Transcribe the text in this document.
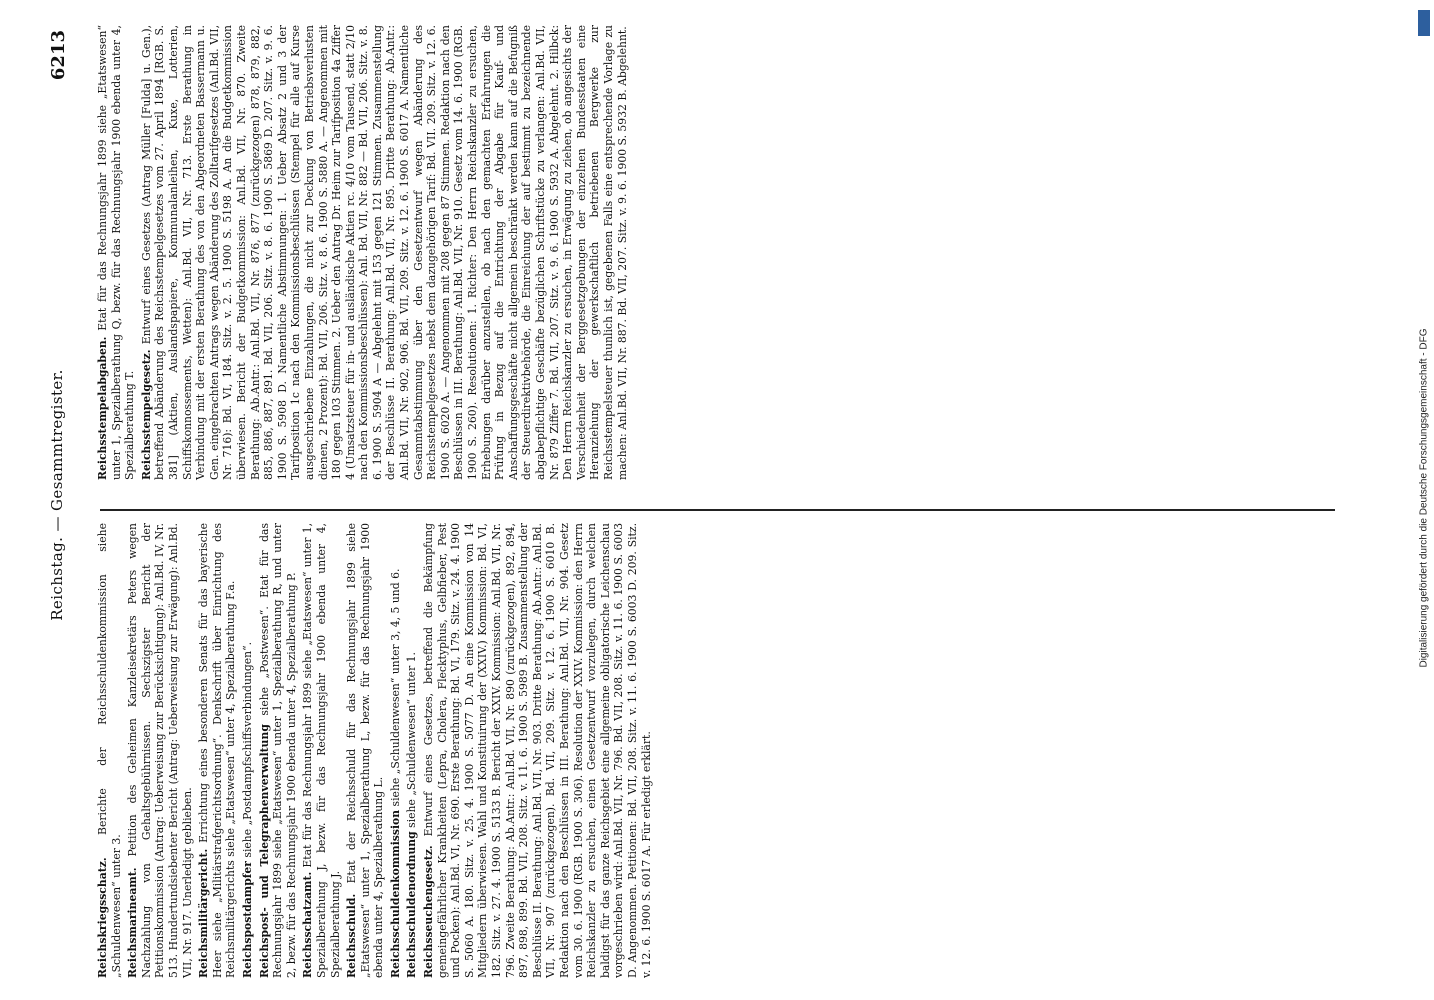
Reichstag. — Gesammtregister.
6213

Reichskriegsschatz. Berichte der Reichsschuldenkommission siehe „Schuldenwesen“ unter 3. Reichsmarineamt. Petition des Geheimen Kanzleisekretärs Peters wegen Nachzahlung von Gehaltsgebührnissen. Sechszigster Bericht der Petitionskommission (Antrag: Ueberweisung zur Berücksichtigung): Anl.Bd. IV, Nr. 513. Hundertundsiebenter Bericht (Antrag: Ueberweisung zur Erwägung): Anl.Bd. VII, Nr. 917. Unerledigt geblieben. Reichsmilitärgericht. Errichtung eines besonderen Senats für das bayerische Heer siehe „Militärstrafgerichtsordnung“. Denkschrift über Einrichtung des Reichsmilitärgerichts siehe „Etatswesen“ unter 4, Spezialberathung F.a. Reichspostdampfer siehe „Postdampfschiffsverbindungen“. Reichspost- und Telegraphenverwaltung siehe „Postwesen“. Etat für das Rechnungsjahr 1899 siehe „Etatswesen“ unter 1, Spezialberathung R, und unter 2, bezw. für das Rechnungsjahr 1900 ebenda unter 4, Spezialberathung P. Reichsschatzamt. Etat für das Rechnungsjahr 1899 siehe „Etatswesen“ unter 1, Spezialberathung J, bezw. für das Rechnungsjahr 1900 ebenda unter 4, Spezialberathung J. Reichsschuld. Etat der Reichsschuld für das Rechnungsjahr 1899 siehe „Etatswesen“ unter 1, Spezialberathung L, bezw. für das Rechnungsjahr 1900 ebenda unter 4, Spezialberathung L. Reichsschuldenkommission siehe „Schuldenwesen“ unter 3, 4, 5 und 6.

Reichsschuldenordnung siehe „Schuldenwesen“ unter 1.

Reichsseuchengesetz. Entwurf eines Gesetzes, betreffend die Bekämpfung gemeingefährlicher Krankheiten (Lepra, Cholera, Flecktyphus, Gelbfieber, Pest und Pocken): Anl.Bd. VI, Nr. 690. Erste Berathung: Bd. VI, 179. Sitz. v. 24. 4. 1900 S. 5060 A. 180. Sitz. v. 25. 4. 1900 S. 5077 D. An eine Kommission von 14 Mitgliedern überwiesen. Wahl und Konstituirung der (XXIV.) Kommission: Bd. VI, 182. Sitz. v. 27. 4. 1900 S. 5133 B. Bericht der XXIV. Kommission: Anl.Bd. VII, Nr. 796. Zweite Berathung: Ab.Antr.: Anl.Bd. VII, Nr. 890 (zurückgezogen), 892, 894, 897, 898, 899. Bd. VII, 208. Sitz. v. 11. 6. 1900 S. 5989 B. Zusammenstellung der Beschlüsse II. Berathung: Anl.Bd. VII, Nr. 903. Dritte Berathung: Ab.Antr.: Anl.Bd. VII, Nr. 907 (zurückgezogen). Bd. VII, 209. Sitz. v. 12. 6. 1900 S. 6010 B. Redaktion nach den Beschlüssen in III. Berathung: Anl.Bd. VII, Nr. 904. Gesetz vom 30. 6. 1900 (RGB. 1900 S. 306). Resolution der XXIV. Kommission: den Herrn Reichskanzler zu ersuchen, einen Gesetzentwurf vorzulegen, durch welchen baldigst für das ganze Reichsgebiet eine allgemeine obligatorische Leichenschau vorgeschrieben wird: Anl.Bd. VII, Nr. 796. Bd. VII, 208. Sitz. v. 11. 6. 1900 S. 6003 D. Angenommen. Petitionen: Bd. VII, 208. Sitz. v. 11. 6. 1900 S. 6003 D. 209. Sitz. v. 12. 6. 1900 S. 6017 A. Für erledigt erklärt.

Reichsstempelabgaben. Etat für das Rechnungsjahr 1899 siehe „Etatswesen“ unter 1, Spezialberathung Q, bezw. für das Rechnungsjahr 1900 ebenda unter 4, Spezialberathung T. Reichsstempelgesetz. Entwurf eines Gesetzes (Antrag Müller [Fulda] u. Gen.), betreffend Abänderung des Reichsstempelgesetzes vom 27. April 1894 [RGB. S. 381] (Aktien, Auslandspapiere, Kommunalanleihen, Kuxe, Lotterien, Schiffskonnossements, Wetten): Anl.Bd. VII, Nr. 713. Erste Berathung in Verbindung mit der ersten Berathung des von den Abgeordneten Bassermann u. Gen. eingebrachten Antrags wegen Abänderung des Zolltarifgesetzes (Anl.Bd. VII, Nr. 716): Bd. VI, 184. Sitz. v. 2. 5. 1900 S. 5198 A. An die Budgetkommission überwiesen. Bericht der Budgetkommission: Anl.Bd. VII, Nr. 870. Zweite Berathung: Ab.Antr.: Anl.Bd. VII, Nr. 876, 877 (zurückgezogen) 878, 879, 882, 885, 886, 887, 891. Bd. VII, 206. Sitz. v. 8. 6. 1900 S. 5869 D. 207. Sitz. v. 9. 6. 1900 S. 5908 D. Namentliche Abstimmungen: 1. Ueber Absatz 2 und 3 der Tarifposition 1c nach den Kommissionsbeschlüssen (Stempel für alle auf Kurse ausgeschriebene Einzahlungen, die nicht zur Deckung von Betriebsverlusten dienen, 2 Prozent): Bd. VII, 206. Sitz. v. 8. 6. 1900 S. 5880 A. — Angenommen mit 180 gegen 103 Stimmen. 2. Ueber den Antrag Dr. Heim zur Tarifposition 4a Ziffer 4 (Umsatzsteuer für in- und ausländische Aktien rc. 4/10 vom Tausend, statt 2/10 nach den Kommissionsbeschlüssen): Anl. Bd. VII, Nr. 882 — Bd. VII, 206. Sitz. v. 8. 6. 1900 S. 5904 A — Abgelehnt mit 153 gegen 121 Stimmen. Zusammenstellung der Beschlüsse II. Berathung: Anl.Bd. VII, Nr. 895. Dritte Berathung: Ab.Antr.: Anl.Bd. VII, Nr. 902, 906. Bd. VII, 209. Sitz. v. 12. 6. 1900 S. 6017 A. Namentliche Gesammtabstimmung über den Gesetzentwurf wegen Abänderung des Reichsstempelgesetzes nebst dem dazugehörigen Tarif: Bd. VII. 209. Sitz. v. 12. 6. 1900 S. 6020 A. — Angenommen mit 208 gegen 87 Stimmen. Redaktion nach den Beschlüssen in III. Berathung: Anl.Bd. VII, Nr. 910. Gesetz vom 14. 6. 1900 (RGB. 1900 S. 260). Resolutionen: 1. Richter: Den Herrn Reichskanzler zu ersuchen, Erhebungen darüber anzustellen, ob nach den gemachten Erfahrungen die Prüfung in Bezug auf die Entrichtung der Abgabe für Kauf- und Anschaffungsgeschäfte nicht allgemein beschränkt werden kann auf die Befugniß der Steuerdirektivbehörde, die Einreichung der auf bestimmt zu bezeichnende abgabepflichtige Geschäfte bezüglichen Schriftstücke zu verlangen: Anl.Bd. VII, Nr. 879 Ziffer 7. Bd. VII, 207. Sitz. v. 9. 6. 1900 S. 5932 A. Abgelehnt. 2. Hilbck: Den Herrn Reichskanzler zu ersuchen, in Erwägung zu ziehen, ob angesichts der Verschiedenheit der Berggesetzgebungen der einzelnen Bundesstaaten eine Heranziehung der gewerkschaftlich betriebenen Bergwerke zur Reichsstempelsteuer thunlich ist, gegebenen Falls eine entsprechende Vorlage zu machen: Anl.Bd. VII, Nr. 887. Bd. VII, 207. Sitz. v. 9. 6. 1900 S. 5932 B. Abgelehnt.

Digitalisierung gefördert durch die Deutsche Forschungsgemeinschaft - DFG
